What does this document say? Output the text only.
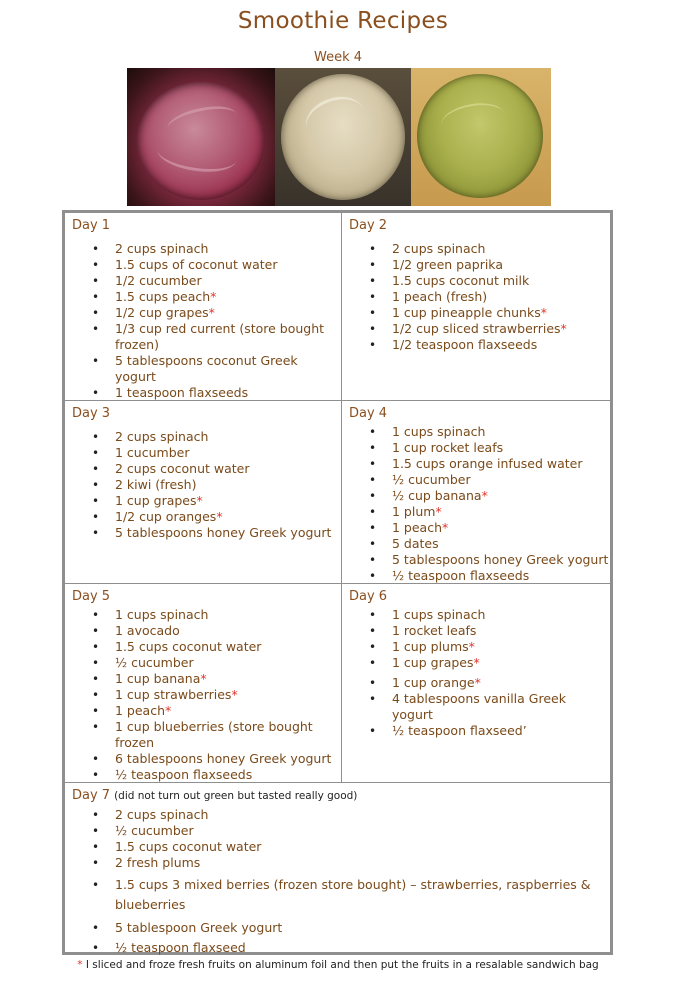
Smoothie Recipes
Week 4
Day 1
• 2 cups spinach
• 1.5 cups of coconut water
• 1/2 cucumber
• 1.5 cups peach*
• 1/2 cup grapes*
• 1/3 cup red current (store bought
frozen)
• 5 tablespoons coconut Greek
yogurt
• 1 teaspoon flaxseeds
Day 2
• 2 cups spinach
• 1/2 green paprika
• 1.5 cups coconut milk
• 1 peach (fresh)
• 1 cup pineapple chunks*
• 1/2 cup sliced strawberries*
• 1/2 teaspoon flaxseeds
Day 3
• 2 cups spinach
• 1 cucumber
• 2 cups coconut water
• 2 kiwi (fresh)
• 1 cup grapes*
• 1/2 cup oranges*
• 5 tablespoons honey Greek yogurt
Day 4
• 1 cups spinach
• 1 cup rocket leafs
• 1.5 cups orange infused water
• ½ cucumber
• ½ cup banana*
• 1 plum*
• 1 peach*
• 5 dates
• 5 tablespoons honey Greek yogurt
• ½ teaspoon flaxseeds
Day 5
• 1 cups spinach
• 1 avocado
• 1.5 cups coconut water
• ½ cucumber
• 1 cup banana*
• 1 cup strawberries*
• 1 peach*
• 1 cup blueberries (store bought
frozen
• 6 tablespoons honey Greek yogurt
• ½ teaspoon flaxseeds
Day 6
• 1 cups spinach
• 1 rocket leafs
• 1 cup plums*
• 1 cup grapes*
• 1 cup orange*
• 4 tablespoons vanilla Greek
yogurt
• ½ teaspoon flaxseed’
Day 7 (did not turn out green but tasted really good)
• 2 cups spinach
• ½ cucumber
• 1.5 cups coconut water
• 2 fresh plums
• 1.5 cups 3 mixed berries (frozen store bought) – strawberries, raspberries &
blueberries
• 5 tablespoon Greek yogurt
• ½ teaspoon flaxseed
* I sliced and froze fresh fruits on aluminum foil and then put the fruits in a resalable sandwich bag
